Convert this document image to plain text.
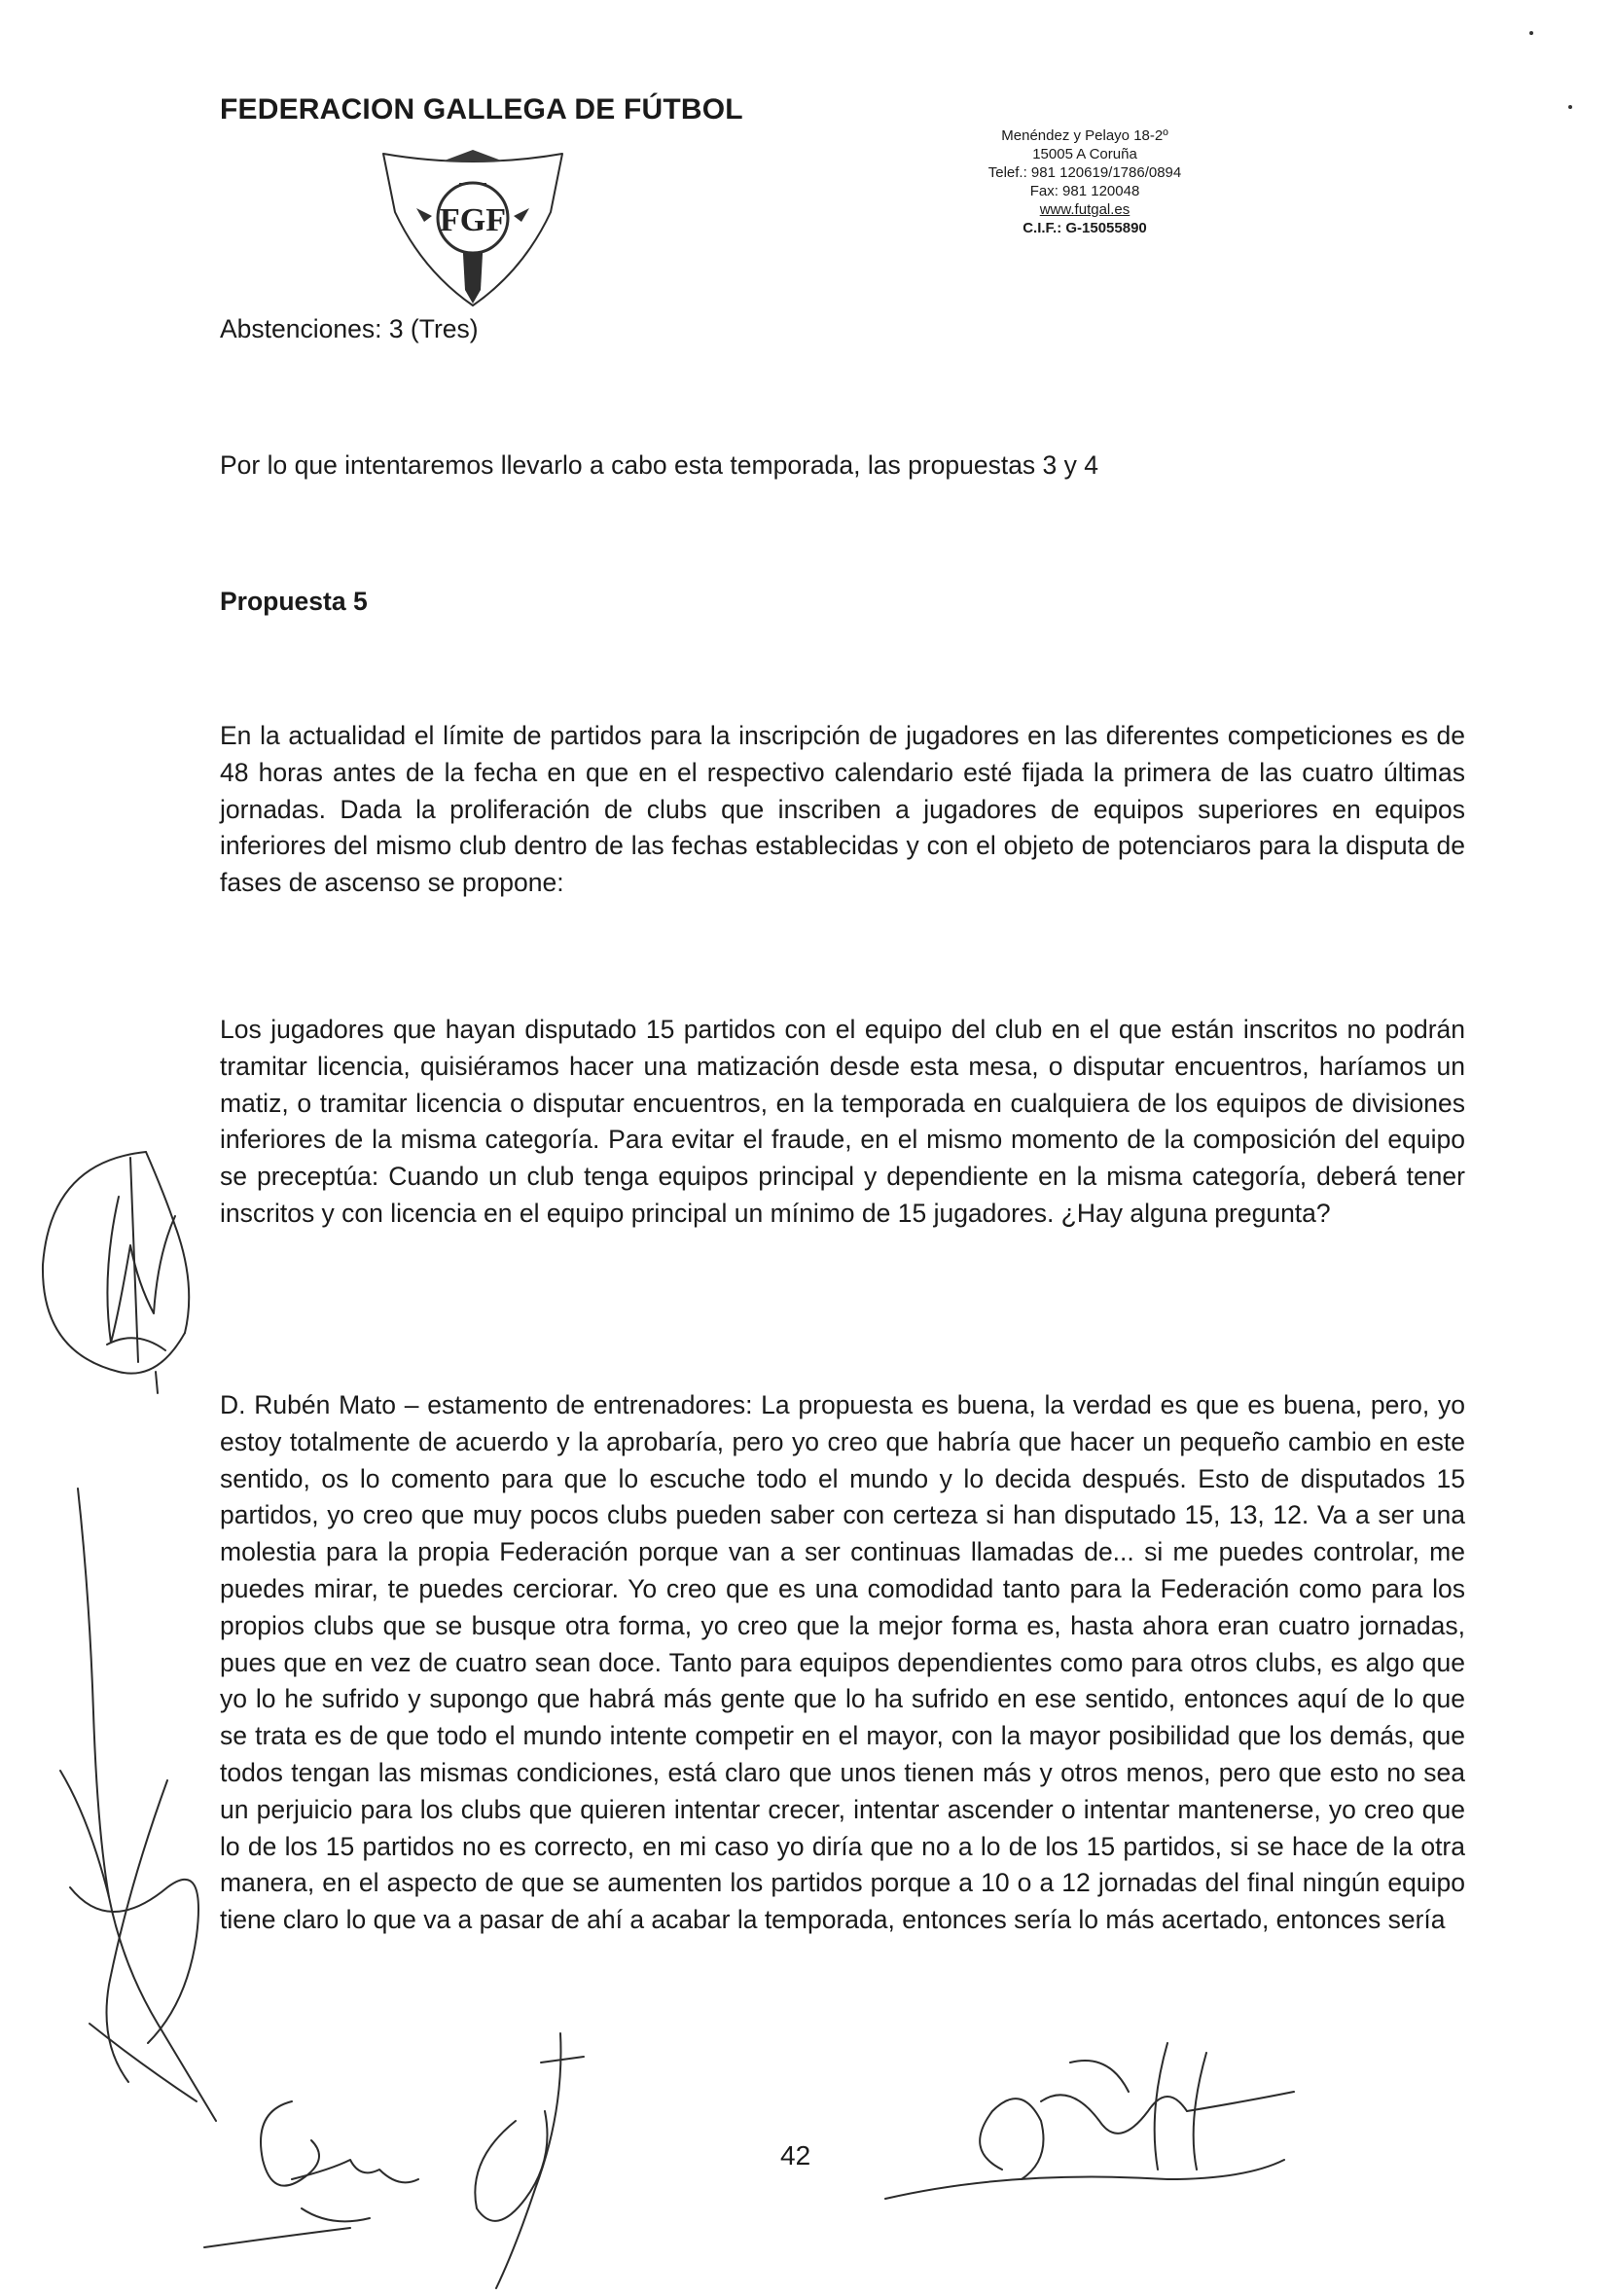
FEDERACION GALLEGA DE FÚTBOL
FGF
Menéndez y Pelayo 18-2º
15005 A Coruña
Telef.: 981 120619/1786/0894
Fax: 981 120048
www.futgal.es
C.I.F.: G-15055890
Abstenciones: 3 (Tres)
Por lo que intentaremos llevarlo a cabo esta temporada, las propuestas 3 y 4
Propuesta 5
En la actualidad el límite de partidos para la inscripción de jugadores en las diferentes competiciones es de 48 horas antes de la fecha en que en el respectivo calendario esté fijada la primera de las cuatro últimas jornadas. Dada la proliferación de clubs que inscriben a jugadores de equipos superiores en equipos inferiores del mismo club dentro de las fechas establecidas y con el objeto de potenciaros para la disputa de fases de ascenso se propone:
Los jugadores que hayan disputado 15 partidos con el equipo del club en el que están inscritos no podrán tramitar licencia, quisiéramos hacer una matización desde esta mesa, o disputar encuentros, haríamos un matiz, o tramitar licencia o disputar encuentros, en la temporada en cualquiera de los equipos de divisiones inferiores de la misma categoría. Para evitar el fraude, en el mismo momento de la composición del equipo se preceptúa: Cuando un club tenga equipos principal y dependiente en la misma categoría, deberá tener inscritos y con licencia en el equipo principal un mínimo de 15 jugadores. ¿Hay alguna pregunta?
D. Rubén Mato – estamento de entrenadores: La propuesta es buena, la verdad es que es buena, pero, yo estoy totalmente de acuerdo y la aprobaría, pero yo creo que habría que hacer un pequeño cambio en este sentido, os lo comento para que lo escuche todo el mundo y lo decida después. Esto de disputados 15 partidos, yo creo que muy pocos clubs pueden saber con certeza si han disputado 15, 13, 12. Va a ser una molestia para la propia Federación porque van a ser continuas llamadas de... si me puedes controlar, me puedes mirar, te puedes cerciorar. Yo creo que es una comodidad tanto para la Federación como para los propios clubs que se busque otra forma, yo creo que la mejor forma es, hasta ahora eran cuatro jornadas, pues que en vez de cuatro sean doce. Tanto para equipos dependientes como para otros clubs, es algo que yo lo he sufrido y supongo que habrá más gente que lo ha sufrido en ese sentido, entonces aquí de lo que se trata es de que todo el mundo intente competir en el mayor, con la mayor posibilidad que los demás, que todos tengan las mismas condiciones, está claro que unos tienen más y otros menos, pero que esto no sea un perjuicio para los clubs que quieren intentar crecer, intentar ascender o intentar mantenerse, yo creo que lo de los 15 partidos no es correcto, en mi caso yo diría que no a lo de los 15 partidos, si se hace de la otra manera, en el aspecto de que se aumenten los partidos porque a 10 o a 12 jornadas del final ningún equipo tiene claro lo que va a pasar de ahí a acabar la temporada, entonces sería lo más acertado, entonces sería
42
